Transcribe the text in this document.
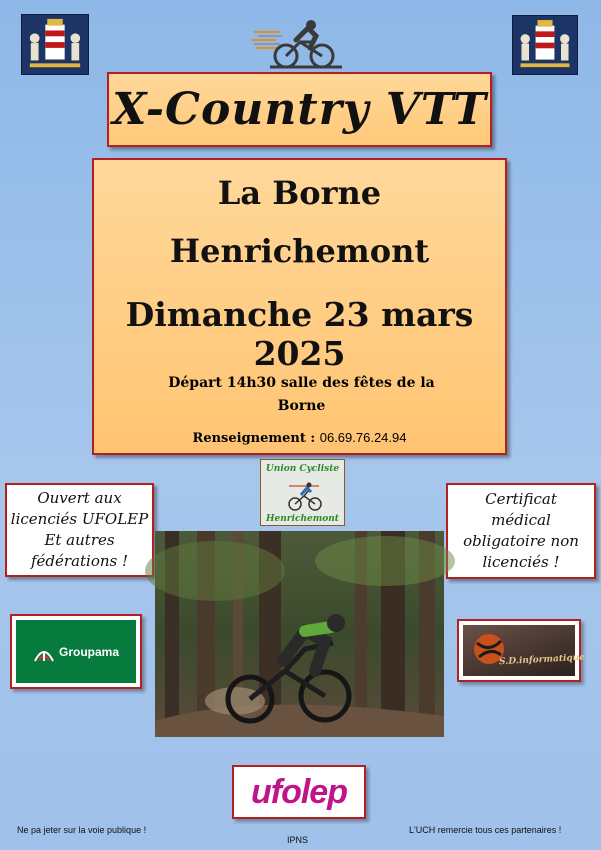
X-Country VTT
La Borne
Henrichemont
Dimanche 23 mars 2025
Départ 14h30 salle des fêtes de la Borne
Renseignement : 06.69.76.24.94
Union Cycliste
Henrichemont
Ouvert aux
licenciés UFOLEP
Et autres
fédérations !
Certificat
médical
obligatoire non
licenciés !
Groupama
S.D.informatique
ufolep
Ne pa jeter sur la voie publique !
IPNS
L'UCH remercie tous ces partenaires !
